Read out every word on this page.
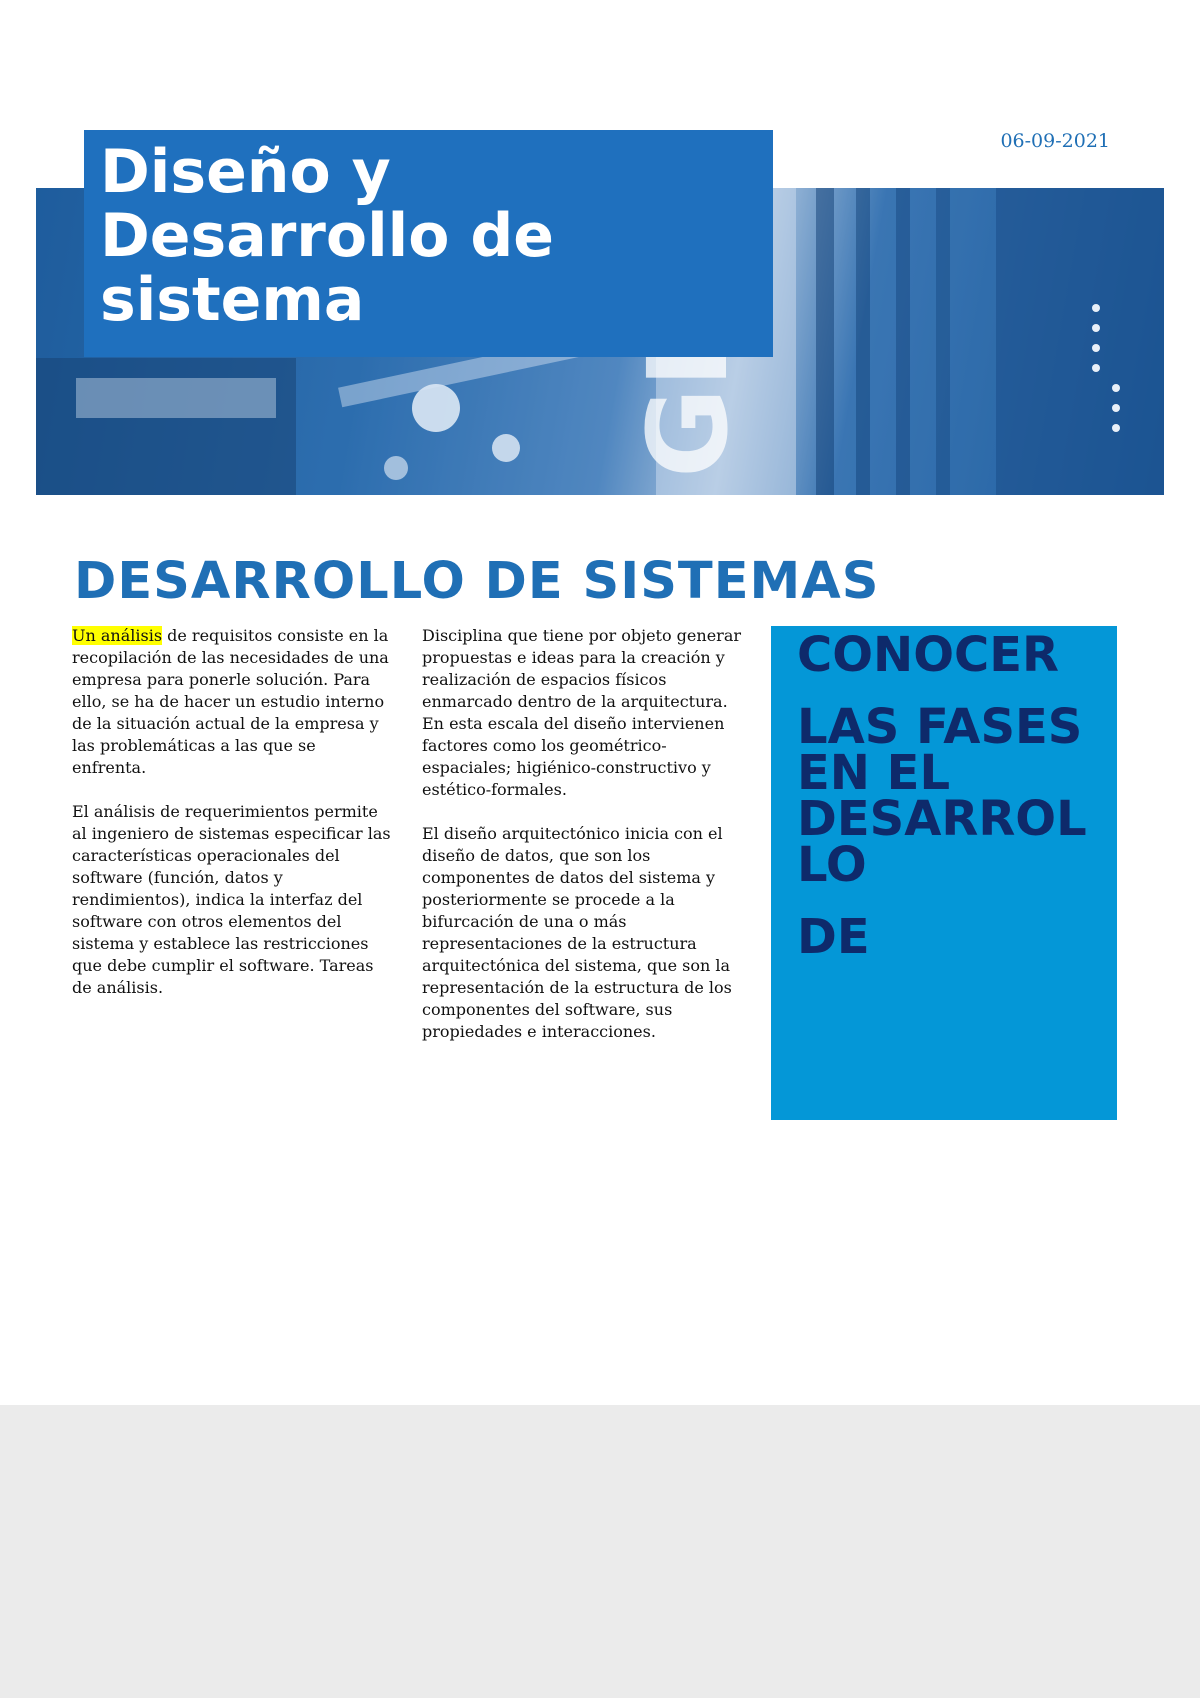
06-09-2021
Diseño y
Desarrollo de
sistema
DESARROLLO DE SISTEMAS

Un análisis de requisitos consiste en la recopilación de las necesidades de una empresa para ponerle solución. Para ello, se ha de hacer un estudio interno de la situación actual de la empresa y las problemáticas a las que se enfrenta.

El análisis de requerimientos permite al ingeniero de sistemas especificar las características operacionales del software (función, datos y rendimientos), indica la interfaz del software con otros elementos del sistema y establece las restricciones que debe cumplir el software. Tareas de análisis.

Disciplina que tiene por objeto generar propuestas e ideas para la creación y realización de espacios físicos enmarcado dentro de la arquitectura. En esta escala del diseño intervienen factores como los geométrico-espaciales; higiénico-constructivo y estético-formales.

El diseño arquitectónico inicia con el diseño de datos, que son los componentes de datos del sistema y posteriormente se procede a la bifurcación de una o más representaciones de la estructura arquitectónica del sistema, que son la representación de la estructura de los componentes del software, sus propiedades e interacciones.

CONOCER
LAS FASES EN EL DESARROLLO
DE
